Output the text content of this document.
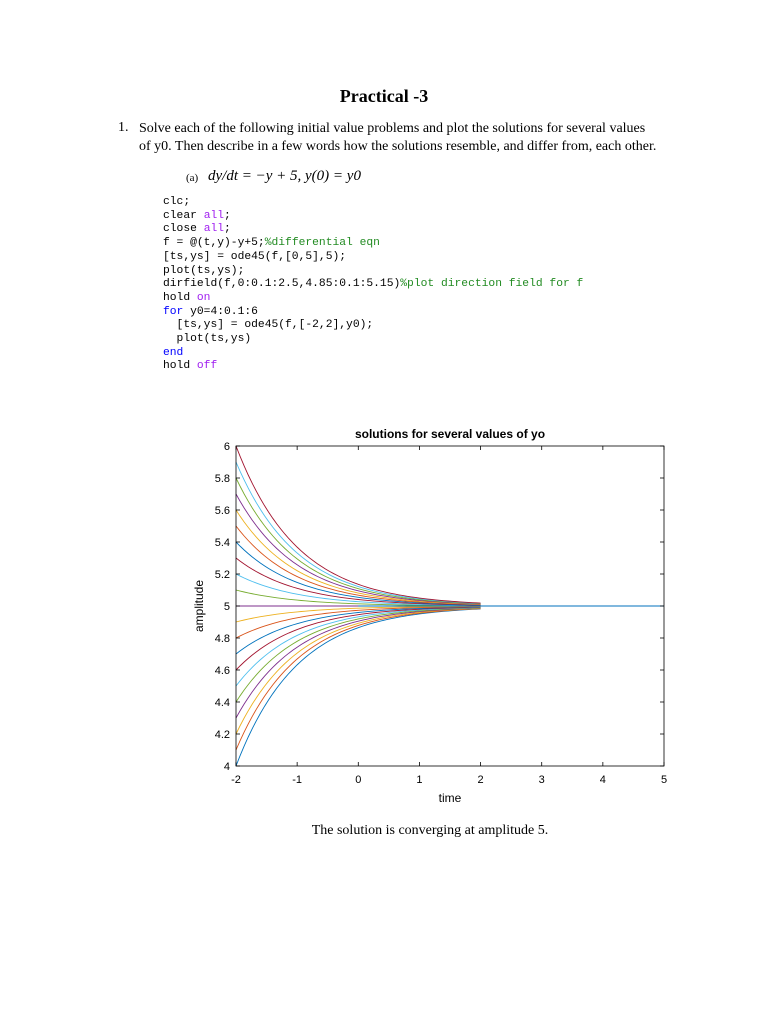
Practical -3
1. Solve each of the following initial value problems and plot the solutions for several values of y0. Then describe in a few words how the solutions resemble, and differ from, each other.
(a) dy/dt = −y + 5, y(0) = y0
clc;
clear all;
close all;
f = @(t,y)-y+5;%differential eqn
[ts,ys] = ode45(f,[0,5],5);
plot(ts,ys);
dirfield(f,0:0.1:2.5,4.85:0.1:5.15)%plot direction field for f
hold on
for y0=4:0.1:6
[ts,ys] = ode45(f,[-2,2],y0);
plot(ts,ys)
end
hold off
-2	-1	0	1	2	3	4	5
4
4.2
4.4
4.6
4.8
5
5.2
5.4
5.6
5.8
6
solutions for several values of yo
time
amplitude
The solution is converging at amplitude 5.
